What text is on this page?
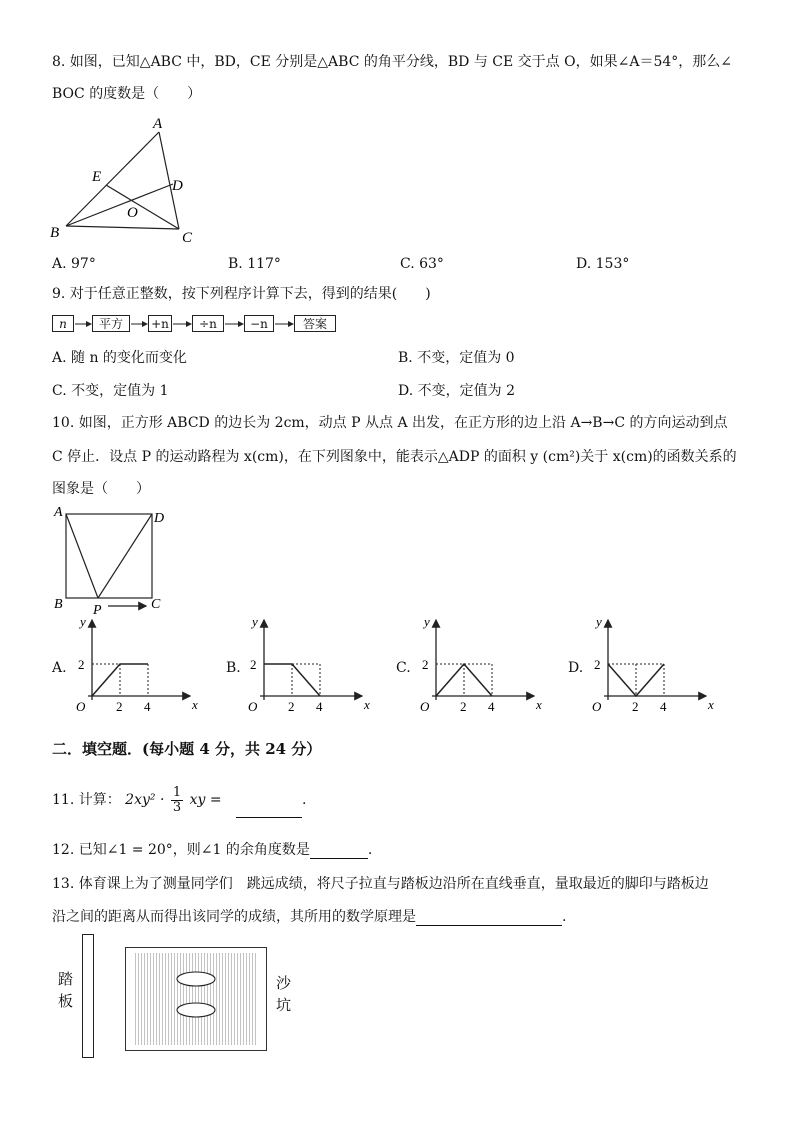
8. 如图，已知△ABC 中，BD，CE 分别是△ABC 的角平分线，BD 与 CE 交于点 O，如果∠A＝54°，那么∠
BOC 的度数是（　　）
A
B	C
D
E
O
A. 97°	B. 117°	C. 63°	D. 153°
9. 对于任意正整数，按下列程序计算下去，得到的结果(　　)
n	平方	+n	÷n	−n	答案
A. 随 n 的变化而变化	B. 不变，定值为 0
C. 不变，定值为 1	D. 不变，定值为 2
10. 如图，正方形 ABCD 的边长为 2cm，动点 P 从点 A 出发，在正方形的边上沿 A→B→C 的方向运动到点
C 停止．设点 P 的运动路程为 x(cm)，在下列图象中，能表示△ADP 的面积 y (cm²)关于 x(cm)的函数关系的
图象是（　　）
A	D
B	C
P
A.	B.	C.	D.
y
x
O
2
2 4
y
x
O
2
2 4
y
x
O
2
2 4
y
x
O
2
2 4
二．填空题．(每小题 4 分，共 24 分）
11. 计算： $2xy^2 \cdot \frac{1}{3}$ xy =	.
12. 已知∠1 = 20°，则∠1 的余角度数是	.
13. 体育课上为了测量同学们　跳远成绩，将尺子拉直与踏板边沿所在直线垂直，量取最近的脚印与踏板边
沿之间的距离从而得出该同学的成绩，其所用的数学原理是	.
踏
板
沙
坑
